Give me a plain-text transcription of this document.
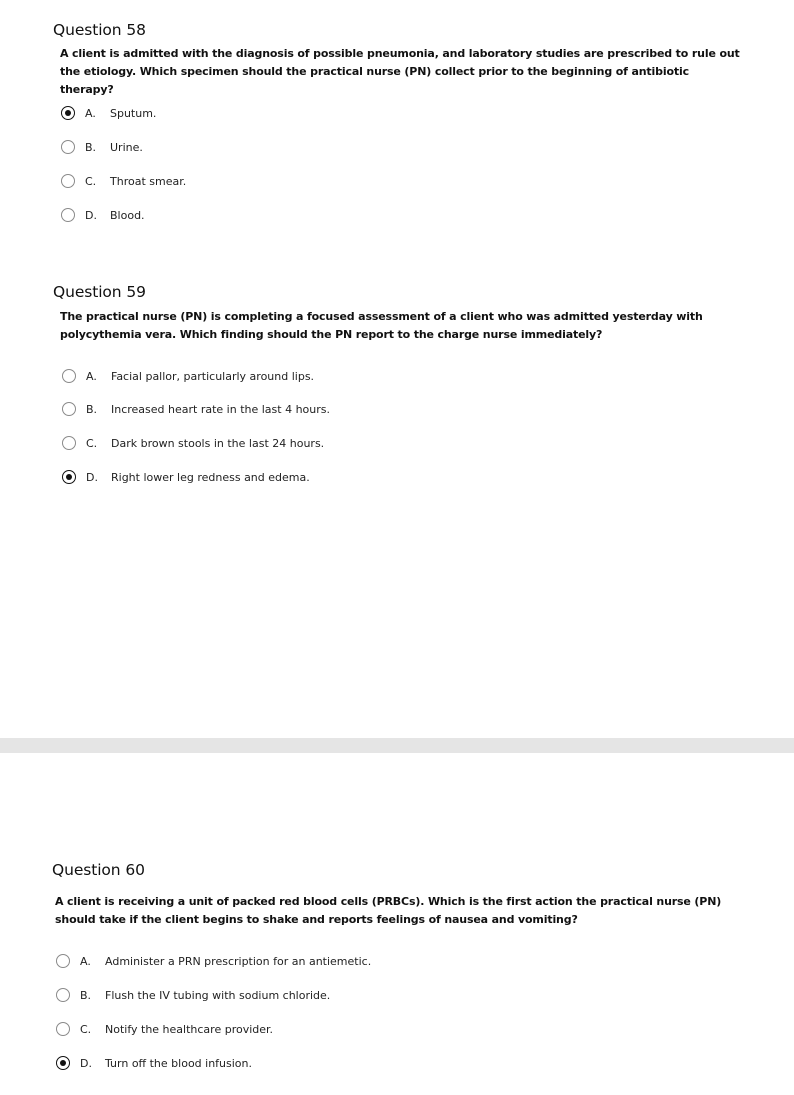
Question 58
A client is admitted with the diagnosis of possible pneumonia, and laboratory studies are prescribed to rule out the etiology. Which specimen should the practical nurse (PN) collect prior to the beginning of antibiotic therapy?
A. Sputum.
B. Urine.
C. Throat smear.
D. Blood.
Question 59
The practical nurse (PN) is completing a focused assessment of a client who was admitted yesterday with polycythemia vera. Which finding should the PN report to the charge nurse immediately?
A. Facial pallor, particularly around lips.
B. Increased heart rate in the last 4 hours.
C. Dark brown stools in the last 24 hours.
D. Right lower leg redness and edema.
Question 60
A client is receiving a unit of packed red blood cells (PRBCs). Which is the first action the practical nurse (PN) should take if the client begins to shake and reports feelings of nausea and vomiting?
A. Administer a PRN prescription for an antiemetic.
B. Flush the IV tubing with sodium chloride.
C. Notify the healthcare provider.
D. Turn off the blood infusion.
